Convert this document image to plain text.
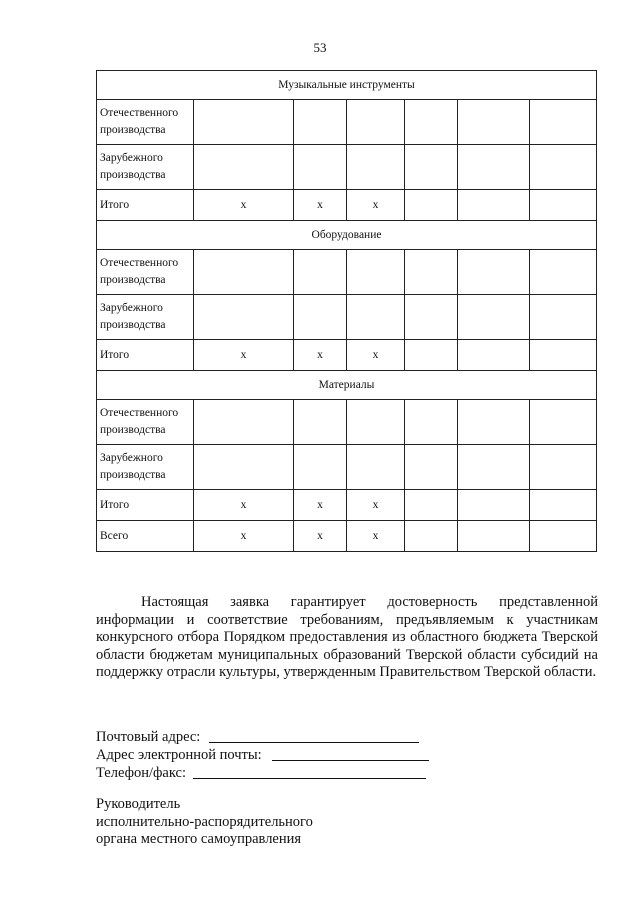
53
Музыкальные инструменты						

Отечественного
производства						

Зарубежного
производства						

Итого	х	х	х			
Оборудование						

Отечественного
производства						

Зарубежного
производства						

Итого	х	х	х			
Материалы						

Отечественного
производства						

Зарубежного
производства						

Итого	х	х	х			

Всего	х	х	х			

Настоящая заявка гарантирует достоверность представленной
информации и соответствие требованиям, предъявляемым к участникам конкурсного отбора Порядком предоставления из областного бюджета Тверской области бюджетам муниципальных образований Тверской области субсидий на поддержку отрасли культуры, утвержденным Правительством Тверской области.

Почтовый адрес:
Адрес электронной почты:
Телефон/факс:
Руководитель
исполнительно-распорядительного
органа местного самоуправления
